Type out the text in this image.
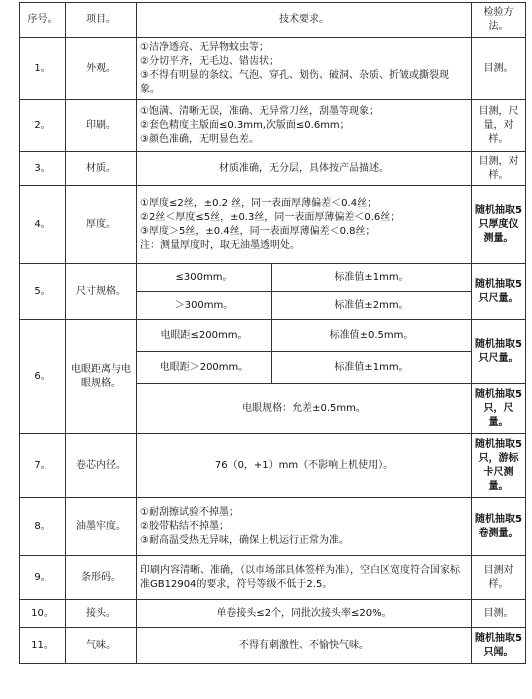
序号。	项目。	技术要求。		检验方法。
1。	外观。	①洁净透亮、无异物蚊虫等；
②分切平齐，无毛边、错齿状；
③不得有明显的条纹、气泡、穿孔、划伤、破洞、杂质、折皱或撕裂现象。		目测。
2。	印刷。	①饱满、清晰无误，准确、无异常刀丝，刮墨等现象；
②套色精度主版面≤0.3mm,次版面≤0.6mm；
③颜色准确，无明显色差。		目测，尺量，对样。
3。	材质。	材质准确，无分层，具体按产品描述。		目测，对样。
4。	厚度。	①厚度≤2丝，±0.2 丝，同一表面厚薄偏差＜0.4丝；
②2丝＜厚度≤5丝，±0.3丝，同一表面厚薄偏差＜0.6丝；
③厚度＞5丝，±0.4丝，同一表面厚薄偏差＜0.8丝；
注：测量厚度时，取无油墨透明处。		随机抽取5只厚度仪测量。
5。	尺寸规格。	≤300mm。	标准值±1mm。	随机抽取5只尺量。
		＞300mm。	标准值±2mm。	
6。	电眼距离与电眼规格。	电眼距≤200mm。	标准值±0.5mm。	随机抽取5只尺量。
		电眼距＞200mm。	标准值±1mm。	
		电眼规格：允差±0.5mm。		随机抽取5只，尺量。
7。	卷芯内径。	76（0，+1）mm（不影响上机使用）。		随机抽取5只，游标卡尺测量。
8。	油墨牢度。	①耐刮擦试验不掉墨；
②胶带粘结不掉墨；
③耐高温受热无异味，确保上机运行正常为准。		随机抽取5卷测量。
9。	条形码。	印刷内容清晰、准确，（以市场部具体签样为准），空白区宽度符合国家标准GB12904的要求，符号等级不低于2.5。		目测对样。
10。	接头。	单卷接头≤2个，同批次接头率≤20%。		目测。
11。	气味。	不得有刺激性、不愉快气味。		随机抽取5只闻。
